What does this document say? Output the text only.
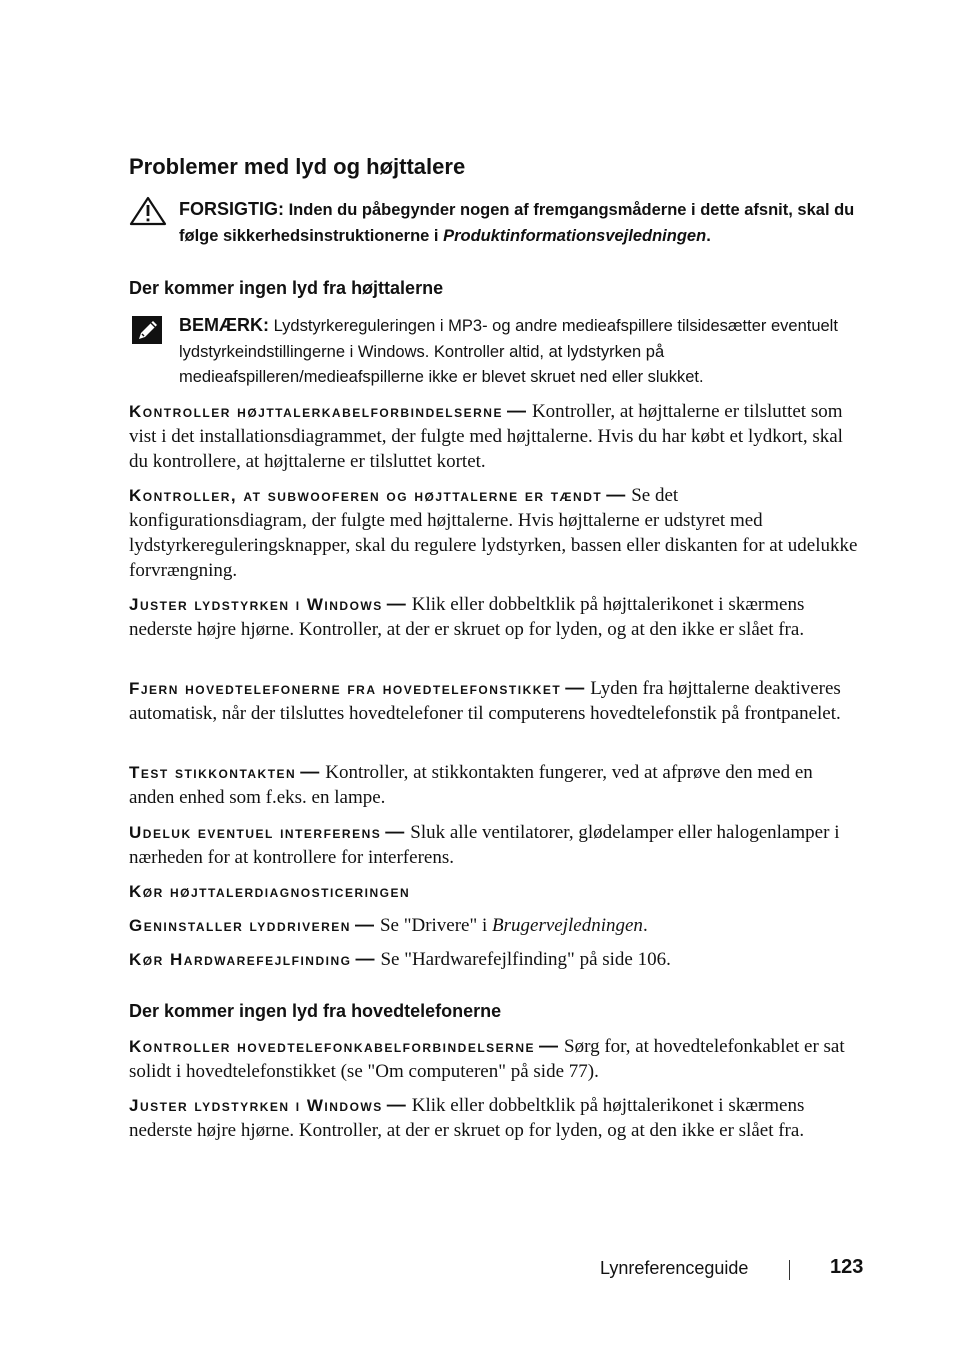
Problemer med lyd og højttalere
FORSIGTIG: Inden du påbegynder nogen af fremgangsmåderne i dette afsnit, skal du følge sikkerhedsinstruktionerne i Produktinformationsvejledningen.
Der kommer ingen lyd fra højttalerne
BEMÆRK: Lydstyrkereguleringen i MP3- og andre medieafspillere tilsidesætter eventuelt lydstyrkeindstillingerne i Windows. Kontroller altid, at lydstyrken på medieafspilleren/medieafspillerne ikke er blevet skruet ned eller slukket.
Kontroller højttalerkabelforbindelserne — Kontroller, at højttalerne er tilsluttet som vist i det installationsdiagrammet, der fulgte med højttalerne. Hvis du har købt et lydkort, skal du kontrollere, at højttalerne er tilsluttet kortet.
Kontroller, at subwooferen og højttalerne er tændt — Se det konfigurationsdiagram, der fulgte med højttalerne. Hvis højttalerne er udstyret med lydstyrkereguleringsknapper, skal du regulere lydstyrken, bassen eller diskanten for at udelukke forvrængning.
Juster lydstyrken i Windows — Klik eller dobbeltklik på højttalerikonet i skærmens nederste højre hjørne. Kontroller, at der er skruet op for lyden, og at den ikke er slået fra.
Fjern hovedtelefonerne fra hovedtelefonstikket — Lyden fra højttalerne deaktiveres automatisk, når der tilsluttes hovedtelefoner til computerens hovedtelefonstik på frontpanelet.
Test stikkontakten — Kontroller, at stikkontakten fungerer, ved at afprøve den med en anden enhed som f.eks. en lampe.
Udeluk eventuel interferens — Sluk alle ventilatorer, glødelamper eller halogenlamper i nærheden for at kontrollere for interferens.
Kør højttalerdiagnosticeringen
Geninstaller lyddriveren — Se "Drivere" i Brugervejledningen.
Kør Hardwarefejlfinding — Se "Hardwarefejlfinding" på side 106.
Der kommer ingen lyd fra hovedtelefonerne
Kontroller hovedtelefonkabelforbindelserne — Sørg for, at hovedtelefonkablet er sat solidt i hovedtelefonstikket (se "Om computeren" på side 77).
Juster lydstyrken i Windows — Klik eller dobbeltklik på højttalerikonet i skærmens nederste højre hjørne. Kontroller, at der er skruet op for lyden, og at den ikke er slået fra.
Lynreferenceguide	123
